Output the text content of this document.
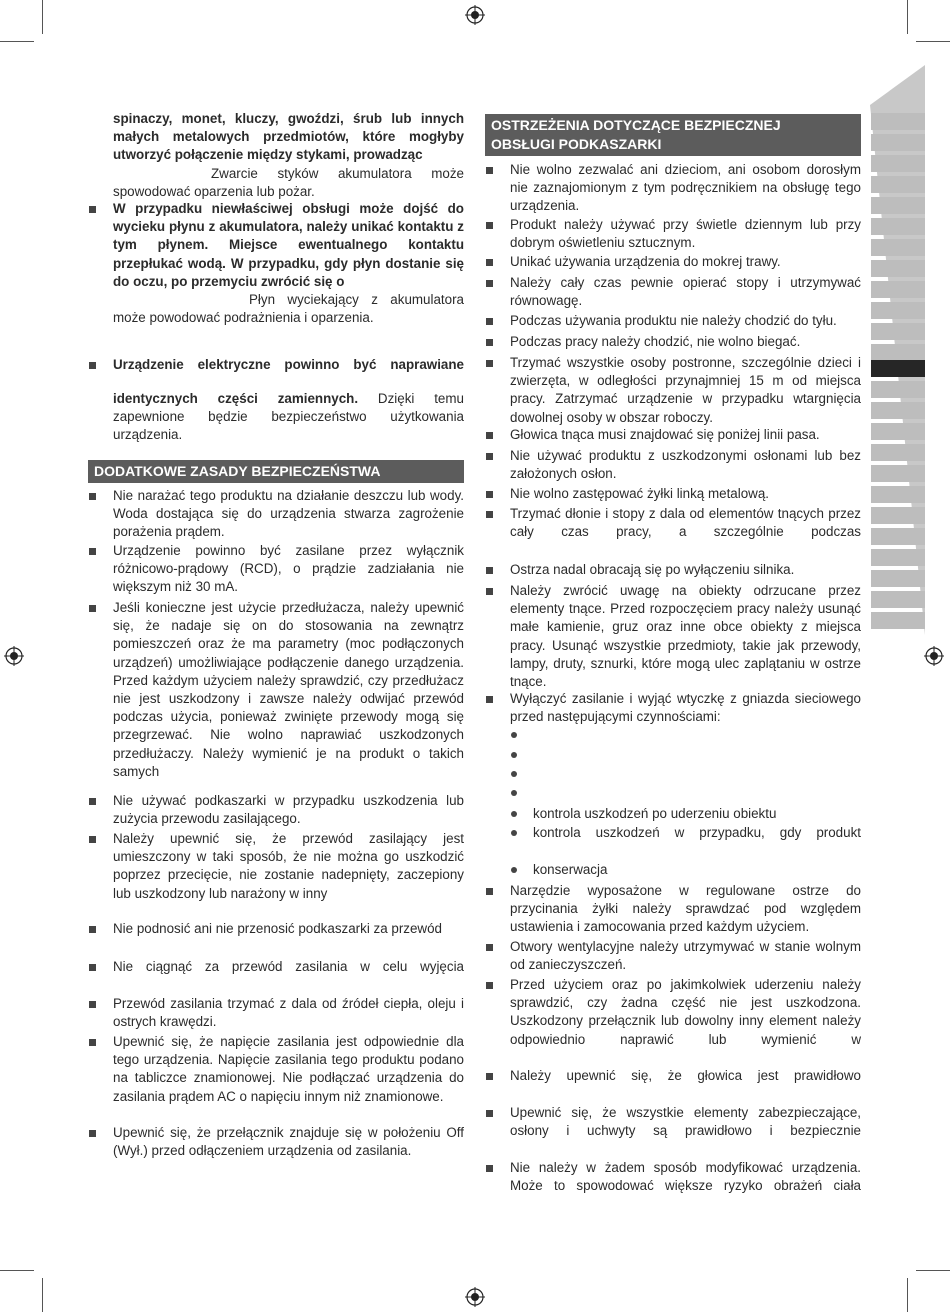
spinaczy, monet, kluczy, gwoździ, śrub lub innych małych metalowych przedmiotów, które mogłyby utworzyć połączenie między stykami, prowadząc
Zwarcie styków akumulatora może spowodować oparzenia lub pożar.
W przypadku niewłaściwej obsługi może dojść do wycieku płynu z akumulatora, należy unikać kontaktu z tym płynem. Miejsce ewentualnego kontaktu przepłukać wodą. W przypadku, gdy płyn dostanie się do oczu, po przemyciu zwrócić się o
Płyn wyciekający z akumulatora może powodować podrażnienia i oparzenia.
Urządzenie elektryczne powinno być naprawiane
identycznych części zamiennych. Dzięki temu zapewnione będzie bezpieczeństwo użytkowania urządzenia.
DODATKOWE ZASADY BEZPIECZEŃSTWA
Nie narażać tego produktu na działanie deszczu lub wody. Woda dostająca się do urządzenia stwarza zagrożenie porażenia prądem.
Urządzenie powinno być zasilane przez wyłącznik różnicowo-prądowy (RCD), o prądzie zadziałania nie większym niż 30 mA.
Jeśli konieczne jest użycie przedłużacza, należy upewnić się, że nadaje się on do stosowania na zewnątrz pomieszczeń oraz że ma parametry (moc podłączonych urządzeń) umożliwiające podłączenie danego urządzenia. Przed każdym użyciem należy sprawdzić, czy przedłużacz nie jest uszkodzony i zawsze należy odwijać przewód podczas użycia, ponieważ zwinięte przewody mogą się przegrzewać. Nie wolno naprawiać uszkodzonych przedłużaczy. Należy wymienić je na produkt o takich samych
Nie używać podkaszarki w przypadku uszkodzenia lub zużycia przewodu zasilającego.
Należy upewnić się, że przewód zasilający jest umieszczony w taki sposób, że nie można go uszkodzić poprzez przecięcie, nie zostanie nadepnięty, zaczepiony lub uszkodzony lub narażony w inny
Nie podnosić ani nie przenosić podkaszarki za przewód
Nie ciągnąć za przewód zasilania w celu wyjęcia
Przewód zasilania trzymać z dala od źródeł ciepła, oleju i ostrych krawędzi.
Upewnić się, że napięcie zasilania jest odpowiednie dla tego urządzenia. Napięcie zasilania tego produktu podano na tabliczce znamionowej. Nie podłączać urządzenia do zasilania prądem AC o napięciu innym niż znamionowe.
Upewnić się, że przełącznik znajduje się w położeniu Off (Wył.) przed odłączeniem urządzenia od zasilania.
OSTRZEŻENIA DOTYCZĄCE BEZPIECZNEJ
OBSŁUGI PODKASZARKI
Nie wolno zezwalać ani dzieciom, ani osobom dorosłym nie zaznajomionym z tym podręcznikiem na obsługę tego urządzenia.
Produkt należy używać przy świetle dziennym lub przy dobrym oświetleniu sztucznym.
Unikać używania urządzenia do mokrej trawy.
Należy cały czas pewnie opierać stopy i utrzymywać równowagę.
Podczas używania produktu nie należy chodzić do tyłu.
Podczas pracy należy chodzić, nie wolno biegać.
Trzymać wszystkie osoby postronne, szczególnie dzieci i zwierzęta, w odległości przynajmniej 15 m od miejsca pracy. Zatrzymać urządzenie w przypadku wtargnięcia dowolnej osoby w obszar roboczy.
Głowica tnąca musi znajdować się poniżej linii pasa.
Nie używać produktu z uszkodzonymi osłonami lub bez założonych osłon.
Nie wolno zastępować żyłki linką metalową.
Trzymać dłonie i stopy z dala od elementów tnących przez cały czas pracy, a szczególnie podczas
Ostrza nadal obracają się po wyłączeniu silnika.
Należy zwrócić uwagę na obiekty odrzucane przez elementy tnące. Przed rozpoczęciem pracy należy usunąć małe kamienie, gruz oraz inne obce obiekty z miejsca pracy. Usunąć wszystkie przedmioty, takie jak przewody, lampy, druty, sznurki, które mogą ulec zaplątaniu w ostrze tnące.
Wyłączyć zasilanie i wyjąć wtyczkę z gniazda sieciowego przed następującymi czynnościami:
kontrola uszkodzeń po uderzeniu obiektu
kontrola uszkodzeń w przypadku, gdy produkt
konserwacja
Narzędzie wyposażone w regulowane ostrze do przycinania żyłki należy sprawdzać pod względem ustawienia i zamocowania przed każdym użyciem.
Otwory wentylacyjne należy utrzymywać w stanie wolnym od zanieczyszczeń.
Przed użyciem oraz po jakimkolwiek uderzeniu należy sprawdzić, czy żadna część nie jest uszkodzona. Uszkodzony przełącznik lub dowolny inny element należy odpowiednio naprawić lub wymienić w
Należy upewnić się, że głowica jest prawidłowo
Upewnić się, że wszystkie elementy zabezpieczające, osłony i uchwyty są prawidłowo i bezpiecznie
Nie należy w żadem sposób modyfikować urządzenia. Może to spowodować większe ryzyko obrażeń ciała
